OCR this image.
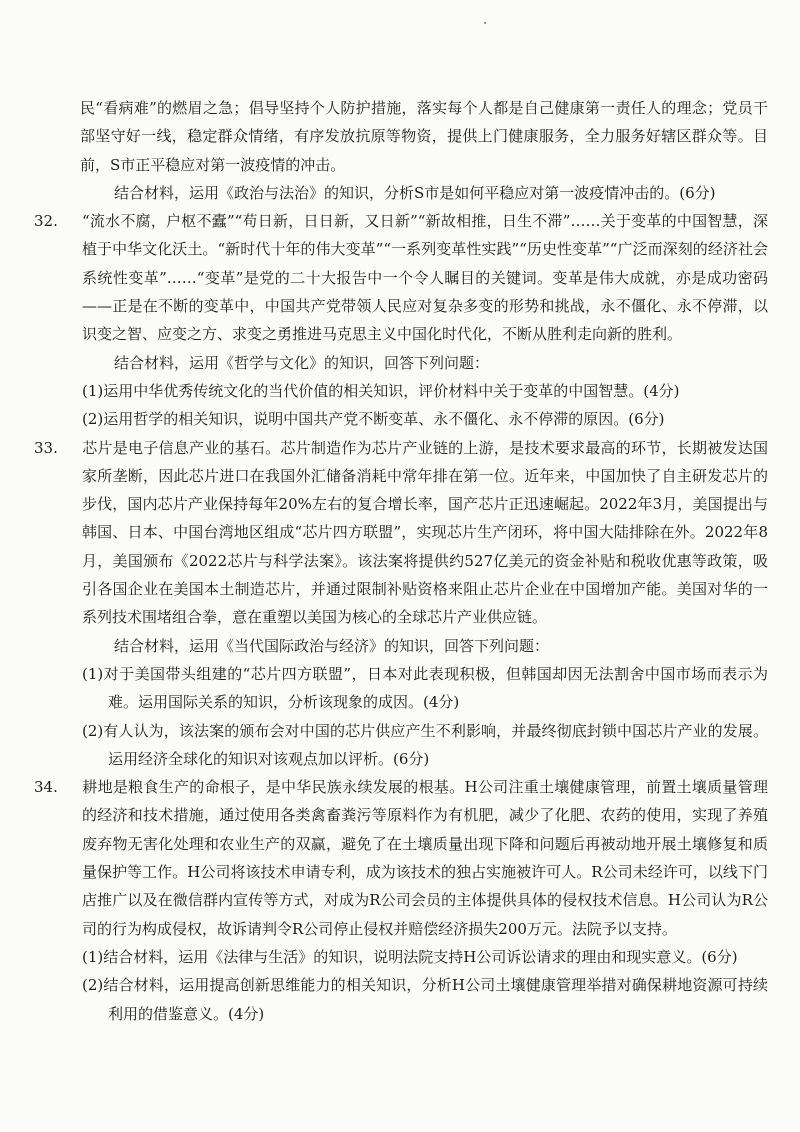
民“看病难”的燃眉之急；倡导坚持个人防护措施，落实每个人都是自己健康第一责任人的理念；党员干部坚守好一线，稳定群众情绪，有序发放抗原等物资，提供上门健康服务，全力服务好辖区群众等。目前，S市正平稳应对第一波疫情的冲击。

结合材料，运用《政治与法治》的知识，分析S市是如何平稳应对第一波疫情冲击的。(6分)

32. “流水不腐，户枢不蠹”“苟日新，日日新，又日新”“新故相推，日生不滞”……关于变革的中国智慧，深植于中华文化沃土。“新时代十年的伟大变革”“一系列变革性实践”“历史性变革”“广泛而深刻的经济社会系统性变革”……“变革”是党的二十大报告中一个令人瞩目的关键词。变革是伟大成就，亦是成功密码——正是在不断的变革中，中国共产党带领人民应对复杂多变的形势和挑战，永不僵化、永不停滞，以识变之智、应变之方、求变之勇推进马克思主义中国化时代化，不断从胜利走向新的胜利。

结合材料，运用《哲学与文化》的知识，回答下列问题：

(1)运用中华优秀传统文化的当代价值的相关知识，评价材料中关于变革的中国智慧。(4分)

(2)运用哲学的相关知识，说明中国共产党不断变革、永不僵化、永不停滞的原因。(6分)

33. 芯片是电子信息产业的基石。芯片制造作为芯片产业链的上游，是技术要求最高的环节，长期被发达国家所垄断，因此芯片进口在我国外汇储备消耗中常年排在第一位。近年来，中国加快了自主研发芯片的步伐，国内芯片产业保持每年20%左右的复合增长率，国产芯片正迅速崛起。2022年3月，美国提出与韩国、日本、中国台湾地区组成“芯片四方联盟”，实现芯片生产闭环，将中国大陆排除在外。2022年8月，美国颁布《2022芯片与科学法案》。该法案将提供约527亿美元的资金补贴和税收优惠等政策，吸引各国企业在美国本土制造芯片，并通过限制补贴资格来阻止芯片企业在中国增加产能。美国对华的一系列技术围堵组合拳，意在重塑以美国为核心的全球芯片产业供应链。

结合材料，运用《当代国际政治与经济》的知识，回答下列问题：

(1)对于美国带头组建的“芯片四方联盟”，日本对此表现积极，但韩国却因无法割舍中国市场而表示为难。运用国际关系的知识，分析该现象的成因。(4分)

(2)有人认为，该法案的颁布会对中国的芯片供应产生不利影响，并最终彻底封锁中国芯片产业的发展。运用经济全球化的知识对该观点加以评析。(6分)

34. 耕地是粮食生产的命根子，是中华民族永续发展的根基。H公司注重土壤健康管理，前置土壤质量管理的经济和技术措施，通过使用各类禽畜粪污等原料作为有机肥，减少了化肥、农药的使用，实现了养殖废弃物无害化处理和农业生产的双赢，避免了在土壤质量出现下降和问题后再被动地开展土壤修复和质量保护等工作。H公司将该技术申请专利，成为该技术的独占实施被许可人。R公司未经许可，以线下门店推广以及在微信群内宣传等方式，对成为R公司会员的主体提供具体的侵权技术信息。H公司认为R公司的行为构成侵权，故诉请判令R公司停止侵权并赔偿经济损失200万元。法院予以支持。

(1)结合材料，运用《法律与生活》的知识，说明法院支持H公司诉讼请求的理由和现实意义。(6分)

(2)结合材料，运用提高创新思维能力的相关知识，分析H公司土壤健康管理举措对确保耕地资源可持续利用的借鉴意义。(4分)
